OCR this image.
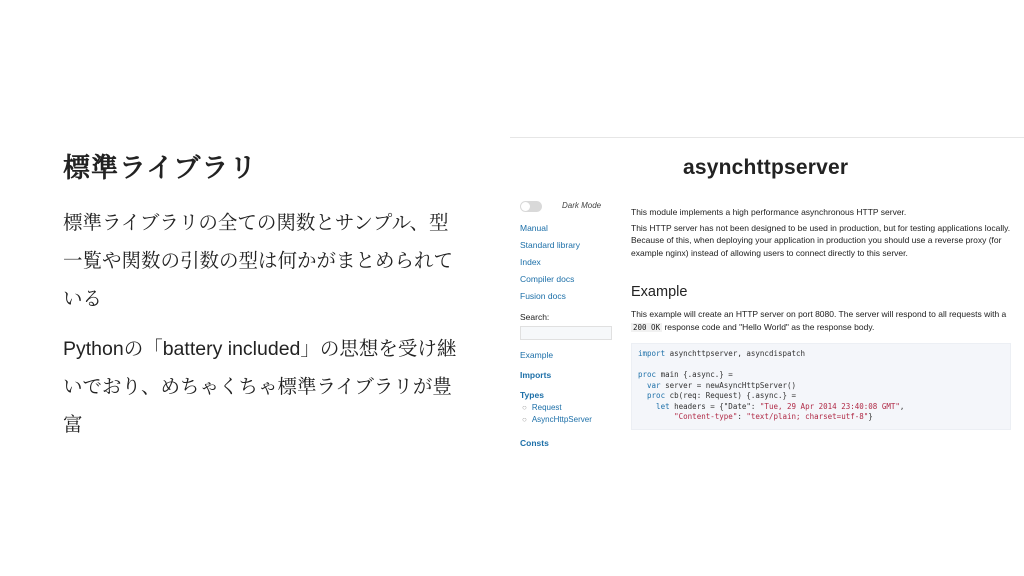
標準ライブラリ

標準ライブラリの全ての関数とサンプル、型一覧や関数の引数の型は何かがまとめられている

Pythonの「battery included」の思想を受け継いでおり、めちゃくちゃ標準ライブラリが豊富

asynchttpserver
Dark Mode
Manual
Standard library
Index
Compiler docs
Fusion docs
Search:
Example
Imports
Types
○ Request
○ AsyncHttpServer
Consts

This module implements a high performance asynchronous HTTP server.

This HTTP server has not been designed to be used in production, but for testing applications locally. Because of this, when deploying your application in production you should use a reverse proxy (for example nginx) instead of allowing users to connect directly to this server.

Example

This example will create an HTTP server on port 8080. The server will respond to all requests with a 200 OK response code and "Hello World" as the response body.

import asynchttpserver, asyncdispatch

proc main {.async.} =
var server = newAsyncHttpServer()
proc cb(req: Request) {.async.} =
let headers = {"Date": "Tue, 29 Apr 2014 23:40:08 GMT",
"Content-type": "text/plain; charset=utf-8"}
